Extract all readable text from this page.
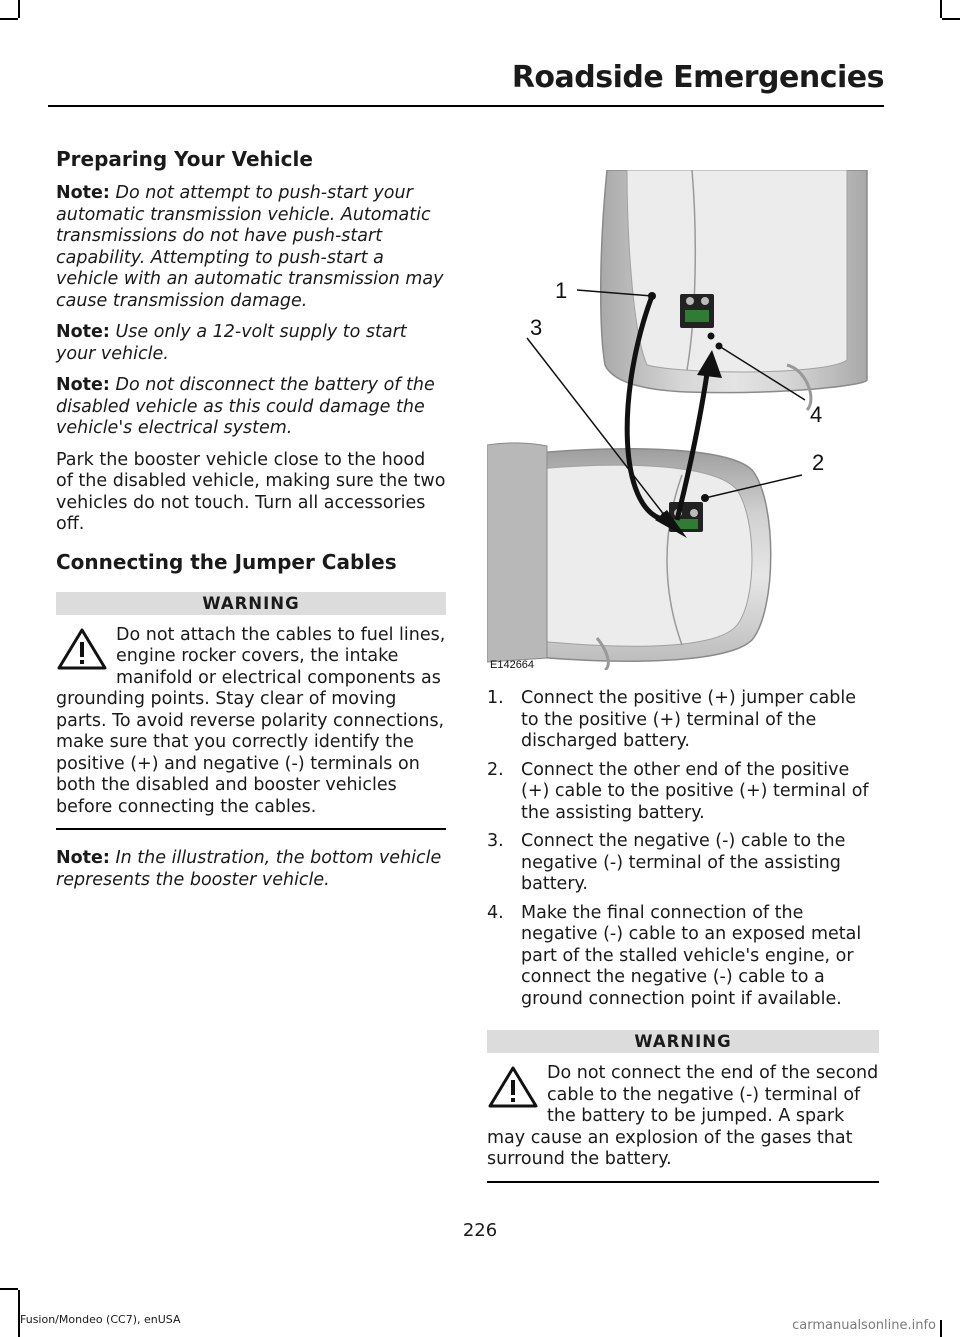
Roadside Emergencies
Preparing Your Vehicle

Note: Do not attempt to push-start your automatic transmission vehicle. Automatic transmissions do not have push-start capability. Attempting to push-start a vehicle with an automatic transmission may cause transmission damage.

Note: Use only a 12-volt supply to start your vehicle.

Note: Do not disconnect the battery of the disabled vehicle as this could damage the vehicle's electrical system.

Park the booster vehicle close to the hood of the disabled vehicle, making sure the two vehicles do not touch. Turn all accessories off.

Connecting the Jumper Cables
WARNING
Do not attach the cables to fuel lines, engine rocker covers, the intake manifold or electrical components as grounding points. Stay clear of moving parts. To avoid reverse polarity connections, make sure that you correctly identify the positive (+) and negative (-) terminals on both the disabled and booster vehicles before connecting the cables.

Note: In the illustration, the bottom vehicle represents the booster vehicle.

1
2
3
4
E142664
1. Connect the positive (+) jumper cable to the positive (+) terminal of the discharged battery.
2. Connect the other end of the positive (+) cable to the positive (+) terminal of the assisting battery.
3. Connect the negative (-) cable to the negative (-) terminal of the assisting battery.
4. Make the final connection of the negative (-) cable to an exposed metal part of the stalled vehicle's engine, or connect the negative (-) cable to a ground connection point if available.
WARNING
Do not connect the end of the second cable to the negative (-) terminal of the battery to be jumped. A spark may cause an explosion of the gases that surround the battery.
226
Fusion/Mondeo (CC7), enUSA	carmanualsonline.info
